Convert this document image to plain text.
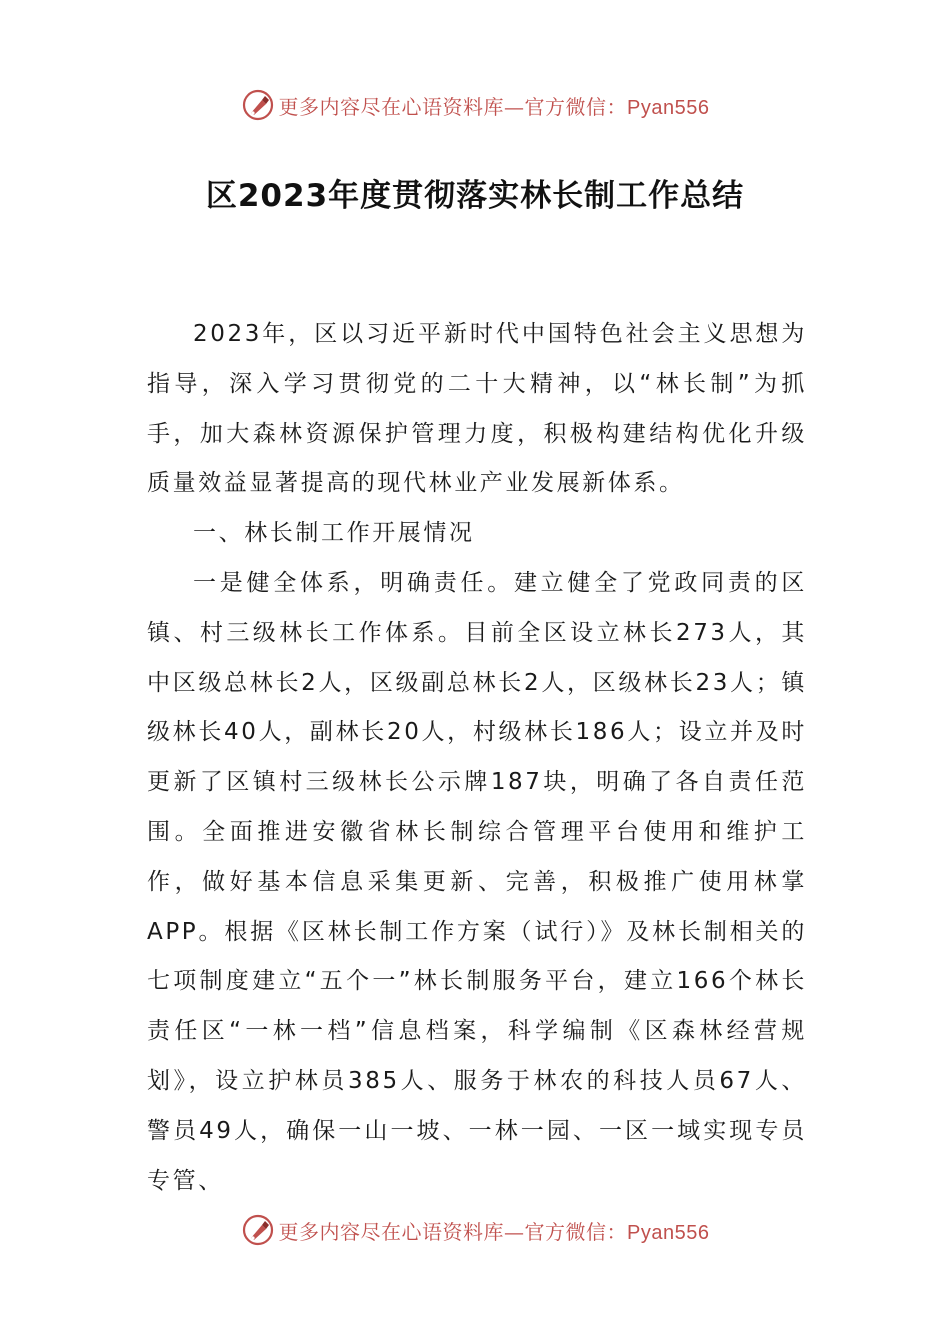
更多内容尽在心语资料库—官方微信：Pyan556
区2023年度贯彻落实林长制工作总结

2023年，区以习近平新时代中国特色社会主义思想为指导，深入学习贯彻党的二十大精神，以“林长制”为抓手，加大森林资源保护管理力度，积极构建结构优化升级质量效益显著提高的现代林业产业发展新体系。

一、林长制工作开展情况

一是健全体系，明确责任。建立健全了党政同责的区镇、村三级林长工作体系。目前全区设立林长273人，其中区级总林长2人，区级副总林长2人，区级林长23人；镇级林长40人，副林长20人，村级林长186人；设立并及时更新了区镇村三级林长公示牌187块，明确了各自责任范围。全面推进安徽省林长制综合管理平台使用和维护工作，做好基本信息采集更新、完善，积极推广使用林掌APP。根据《区林长制工作方案（试行）》及林长制相关的七项制度建立“五个一”林长制服务平台，建立166个林长责任区“一林一档”信息档案，科学编制《区森林经营规划》，设立护林员385人、服务于林农的科技人员67人、警员49人，确保一山一坡、一林一园、一区一域实现专员专管、

更多内容尽在心语资料库—官方微信：Pyan556
